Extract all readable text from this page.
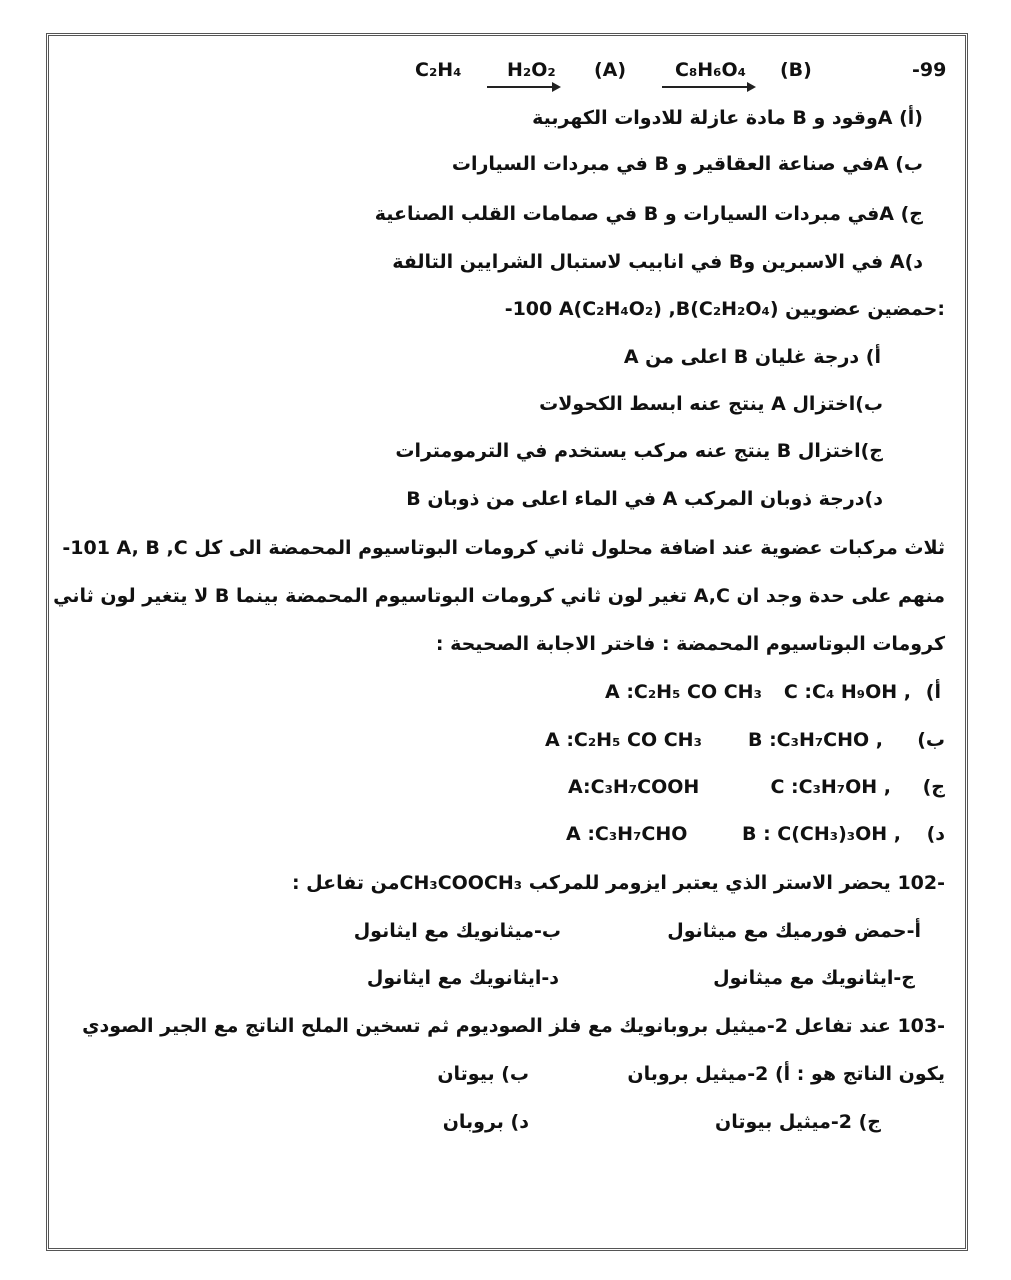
C₂H₄ H₂O₂ (A)	C₈H₆O₄ (B)	-99
(أ) Aوقود و B مادة عازلة للادوات الكهربية
ب) Aفي صناعة العقاقير و B في مبردات السيارات
ج) Aفي مبردات السيارات و B في صمامات القلب الصناعية
د)A في الاسبرين وB في انابيب لاستبال الشرايين التالفة
-100 A(C₂H₄O₂) ,B(C₂H₂O₄) حمضين عضويين:
أ) درجة غليان B اعلى من A
ب)اختزال A ينتج عنه ابسط الكحولات
ج)اختزال B ينتج عنه مركب يستخدم في الترمومترات
د)درجة ذوبان المركب A في الماء اعلى من ذوبان B
-101 A, B ,C ثلاث مركبات عضوية عند اضافة محلول ثاني كرومات البوتاسيوم المحمضة الى كل
منهم على حدة وجد ان A,C تغير لون ثاني كرومات البوتاسيوم المحمضة بينما B لا يتغير لون ثاني
كرومات البوتاسيوم المحمضة : فاختر الاجابة الصحيحة :
أ)
C :C₄ H₉OH ,
A :C₂H₅ CO CH₃
ب)
B :C₃H₇CHO ,
A :C₂H₅ CO CH₃
ج)
C :C₃H₇OH ,
A:C₃H₇COOH
د)
B : C(CH₃)₃OH ,
A :C₃H₇CHO
-102 يحضر الاستر الذي يعتبر ايزومر للمركب CH₃COOCH₃من تفاعل :
أ-حمض فورميك مع ميثانول
ب-ميثانويك مع ايثانول
ج-ايثانويك مع ميثانول
د-ايثانويك مع ايثانول
-103 عند تفاعل 2-ميثيل بروبانويك مع فلز الصوديوم ثم تسخين الملح الناتج مع الجير الصودي
يكون الناتج هو : أ) 2-ميثيل بروبان
ب) بيوتان
ج) 2-ميثيل بيوتان
د) بروبان
